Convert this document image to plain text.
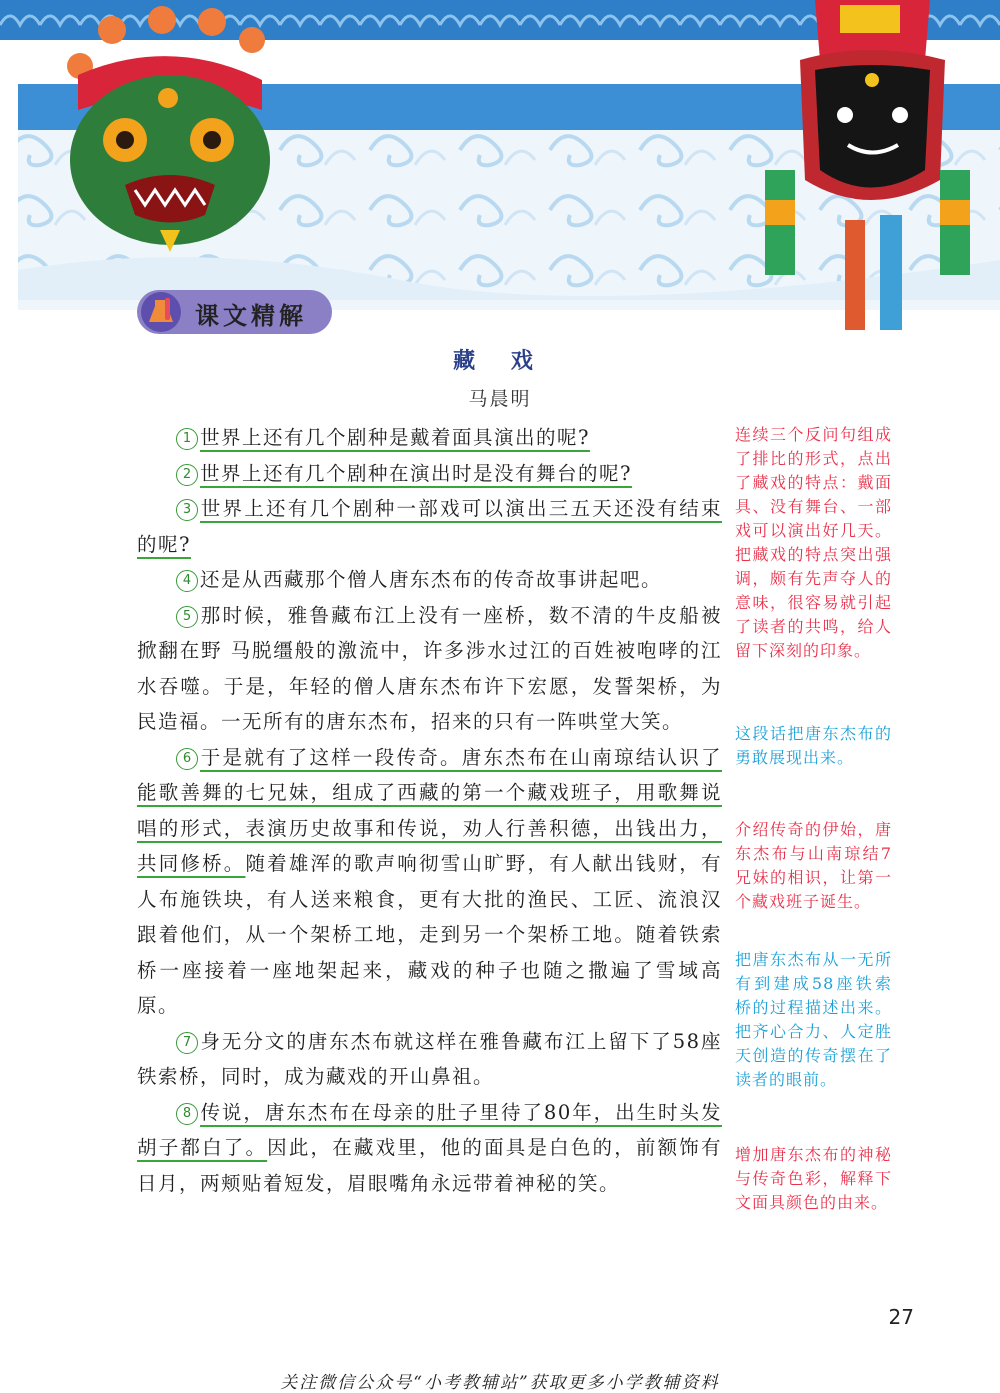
课文精解
藏 戏
马晨明

1 世界上还有几个剧种是戴着面具演出的呢?

2 世界上还有几个剧种在演出时是没有舞台的呢?

3 世界上还有几个剧种一部戏可以演出三五天还没有结束的呢?

4 还是从西藏那个僧人唐东杰布的传奇故事讲起吧。

5 那时候，雅鲁藏布江上没有一座桥，数不清的牛皮船被掀翻在野 马脱缰般的激流中，许多涉水过江的百姓被咆哮的江水吞噬。于是，年轻的僧人唐东杰布许下宏愿，发誓架桥，为民造福。一无所有的唐东杰布，招来的只有一阵哄堂大笑。

6 于是就有了这样一段传奇。唐东杰布在山南琼结认识了能歌善舞的七兄妹，组成了西藏的第一个藏戏班子，用歌舞说唱的形式，表演历史故事和传说，劝人行善积德，出钱出力，共同修桥。随着雄浑的歌声响彻雪山旷野，有人献出钱财，有人布施铁块，有人送来粮食，更有大批的渔民、工匠、流浪汉跟着他们，从一个架桥工地，走到另一个架桥工地。随着铁索桥一座接着一座地架起来，藏戏的种子也随之撒遍了雪域高原。

7 身无分文的唐东杰布就这样在雅鲁藏布江上留下了58座铁索桥，同时，成为藏戏的开山鼻祖。

8 传说，唐东杰布在母亲的肚子里待了80年，出生时头发胡子都白了。因此，在藏戏里，他的面具是白色的，前额饰有日月，两颊贴着短发，眉眼嘴角永远带着神秘的笑。

连续三个反问句组成了排比的形式，点出了藏戏的特点：戴面具、没有舞台、一部戏可以演出好几天。把藏戏的特点突出强调，颇有先声夺人的意味，很容易就引起了读者的共鸣，给人留下深刻的印象。
这段话把唐东杰布的勇敢展现出来。
介绍传奇的伊始，唐东杰布与山南琼结7兄妹的相识，让第一个藏戏班子诞生。
把唐东杰布从一无所有到建成58座铁索桥的过程描述出来。把齐心合力、人定胜天创造的传奇摆在了读者的眼前。
增加唐东杰布的神秘与传奇色彩，解释下文面具颜色的由来。
27
关注微信公众号“小考教辅站”获取更多小学教辅资料
